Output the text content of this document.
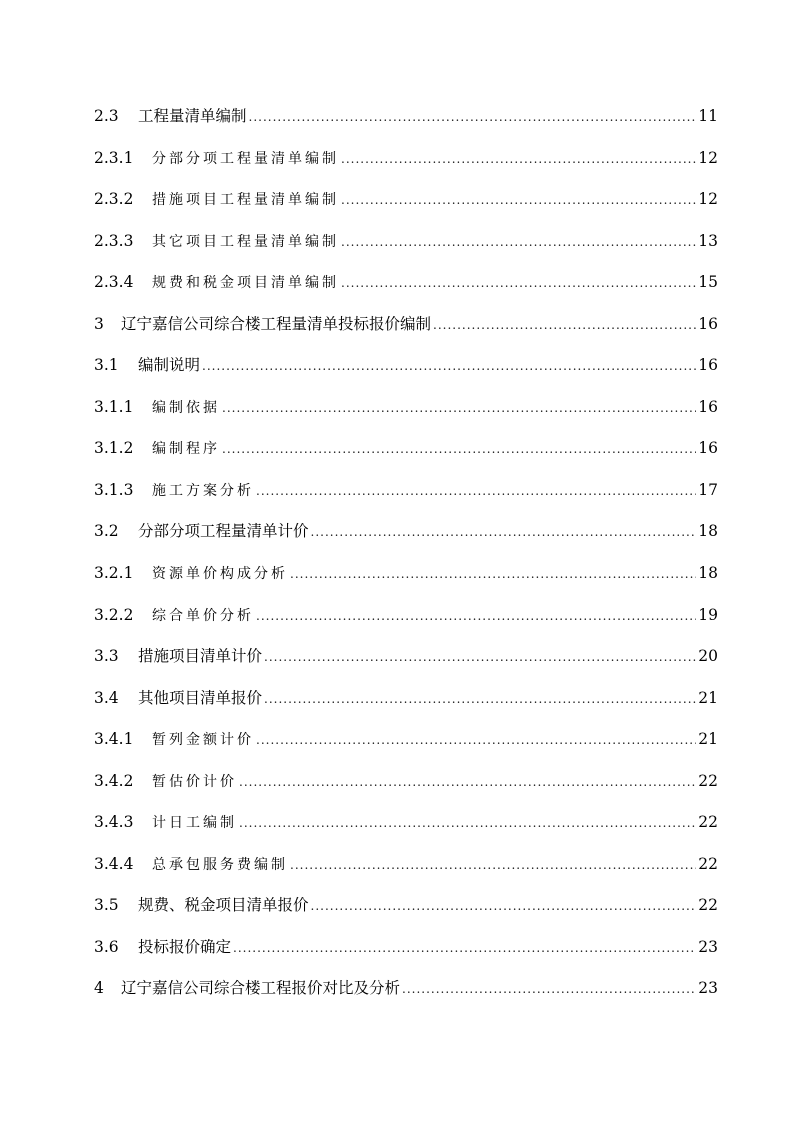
2.3	工程量清单编制 .....	11
2.3.1	分部分项工程量清单编制 .....	12
2.3.2	措施项目工程量清单编制 .....	12
2.3.3	其它项目工程量清单编制 .....	13
2.3.4	规费和税金项目清单编制 .....	15
3	辽宁嘉信公司综合楼工程量清单投标报价编制 .....	16
3.1	编制说明 .....	16
3.1.1	编制依据 .....	16
3.1.2	编制程序 .....	16
3.1.3	施工方案分析 .....	17
3.2	分部分项工程量清单计价 .....	18
3.2.1	资源单价构成分析 .....	18
3.2.2	综合单价分析 .....	19
3.3	措施项目清单计价 .....	20
3.4	其他项目清单报价 .....	21
3.4.1	暂列金额计价 .....	21
3.4.2	暂估价计价 .....	22
3.4.3	计日工编制 .....	22
3.4.4	总承包服务费编制 .....	22
3.5	规费、税金项目清单报价 .....	22
3.6	投标报价确定 .....	23
4	辽宁嘉信公司综合楼工程报价对比及分析 .....	23
